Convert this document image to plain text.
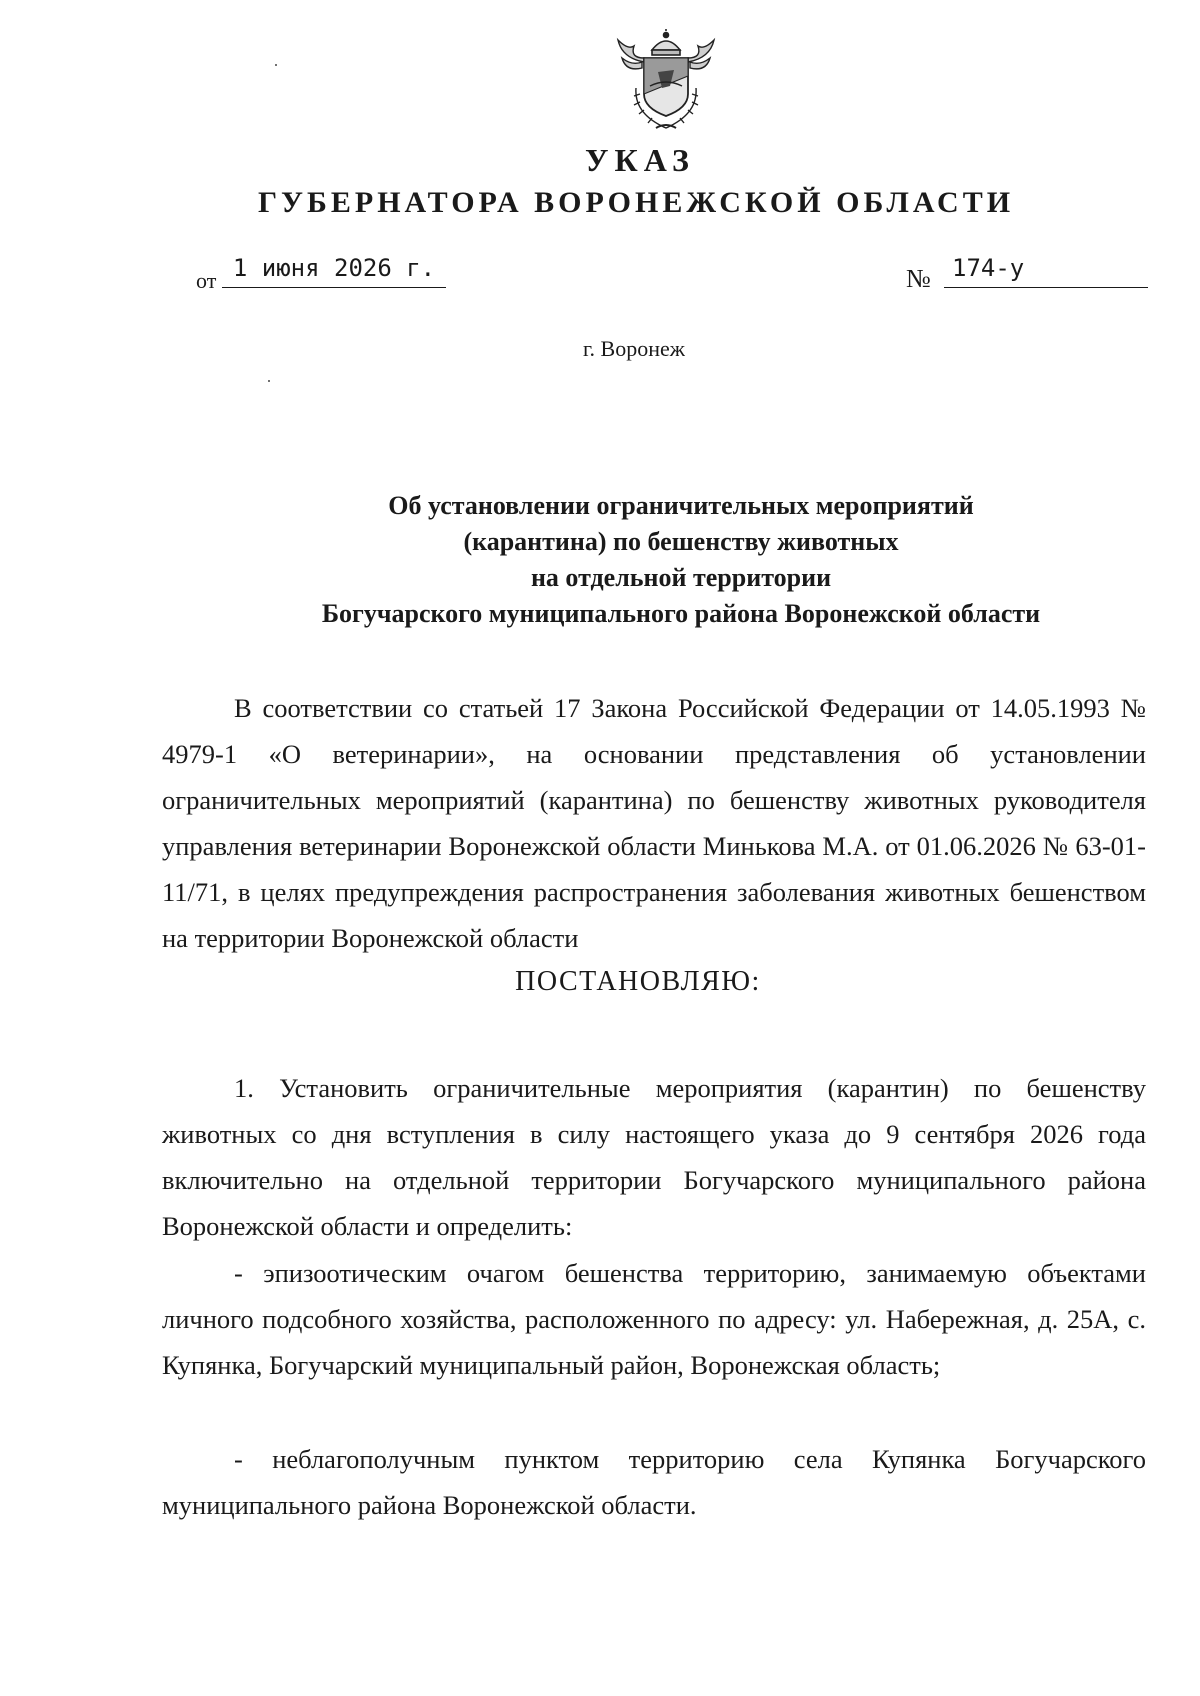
УКАЗ
ГУБЕРНАТОРА ВОРОНЕЖСКОЙ ОБЛАСТИ
от 1 июня 2026 г.	№ 174-у
г. Воронеж
Об установлении ограничительных мероприятий
(карантина) по бешенству животных
на отдельной территории
Богучарского муниципального района Воронежской области
В соответствии со статьей 17 Закона Российской Федерации от 14.05.1993 № 4979-1 «О ветеринарии», на основании представления об установлении ограничительных мероприятий (карантина) по бешенству животных руководителя управления ветеринарии Воронежской области Минькова М.А. от 01.06.2026 № 63-01-11/71, в целях предупреждения распространения заболевания животных бешенством на территории Воронежской области
ПОСТАНОВЛЯЮ:
1. Установить ограничительные мероприятия (карантин) по бешенству животных со дня вступления в силу настоящего указа до 9 сентября 2026 года включительно на отдельной территории Богучарского муниципального района Воронежской области и определить:
- эпизоотическим очагом бешенства территорию, занимаемую объектами личного подсобного хозяйства, расположенного по адресу: ул. Набережная, д. 25А, с. Купянка, Богучарский муниципальный район, Воронежская область;
- неблагополучным пунктом территорию села Купянка Богучарского муниципального района Воронежской области.
